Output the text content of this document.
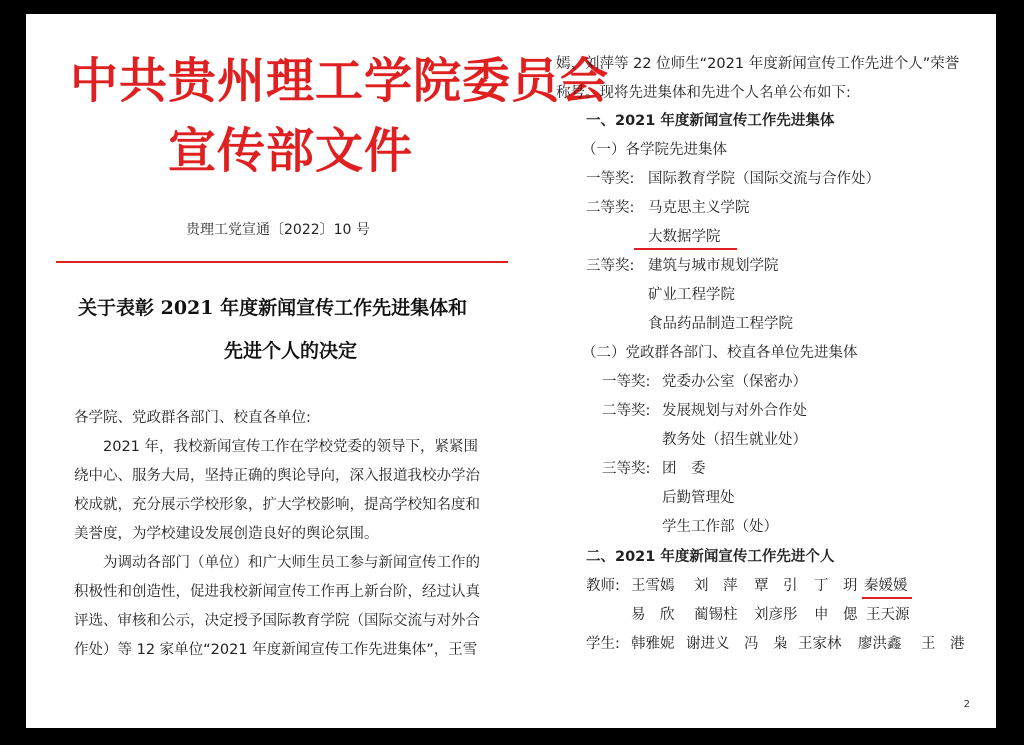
中共贵州理工学院委员会
宣传部文件
贵理工党宣通〔2022〕10 号
关于表彰 2021 年度新闻宣传工作先进集体和
先进个人的决定
各学院、党政群各部门、校直各单位:
2021 年，我校新闻宣传工作在学校党委的领导下，紧紧围
绕中心、服务大局，坚持正确的舆论导向，深入报道我校办学治
校成就，充分展示学校形象，扩大学校影响，提高学校知名度和
美誉度，为学校建设发展创造良好的舆论氛围。
为调动各部门（单位）和广大师生员工参与新闻宣传工作的
积极性和创造性，促进我校新闻宣传工作再上新台阶，经过认真
评选、审核和公示，决定授予国际教育学院（国际交流与对外合
作处）等 12 家单位“2021 年度新闻宣传工作先进集体”，王雪
嫣、刘萍等 22 位师生“2021 年度新闻宣传工作先进个人”荣誉
称号。现将先进集体和先进个人名单公布如下:
一、2021 年度新闻宣传工作先进集体
（一）各学院先进集体
一等奖: 国际教育学院（国际交流与合作处）
二等奖: 马克思主义学院
大数据学院
三等奖: 建筑与城市规划学院
矿业工程学院
食品药品制造工程学院
（二）党政群各部门、校直各单位先进集体
一等奖: 党委办公室（保密办）
二等奖: 发展规划与对外合作处
教务处（招生就业处）
三等奖: 团　委
后勤管理处
学生工作部（处）
二、2021 年度新闻宣传工作先进个人
教师: 王雪嫣 刘　萍 覃　引 丁　玥 秦媛媛
易　欣 蔺锡柱 刘彦彤 申　偲 王天源
学生: 韩雅妮 谢进义 冯　枭 王家林 廖洪鑫 王　港
2
